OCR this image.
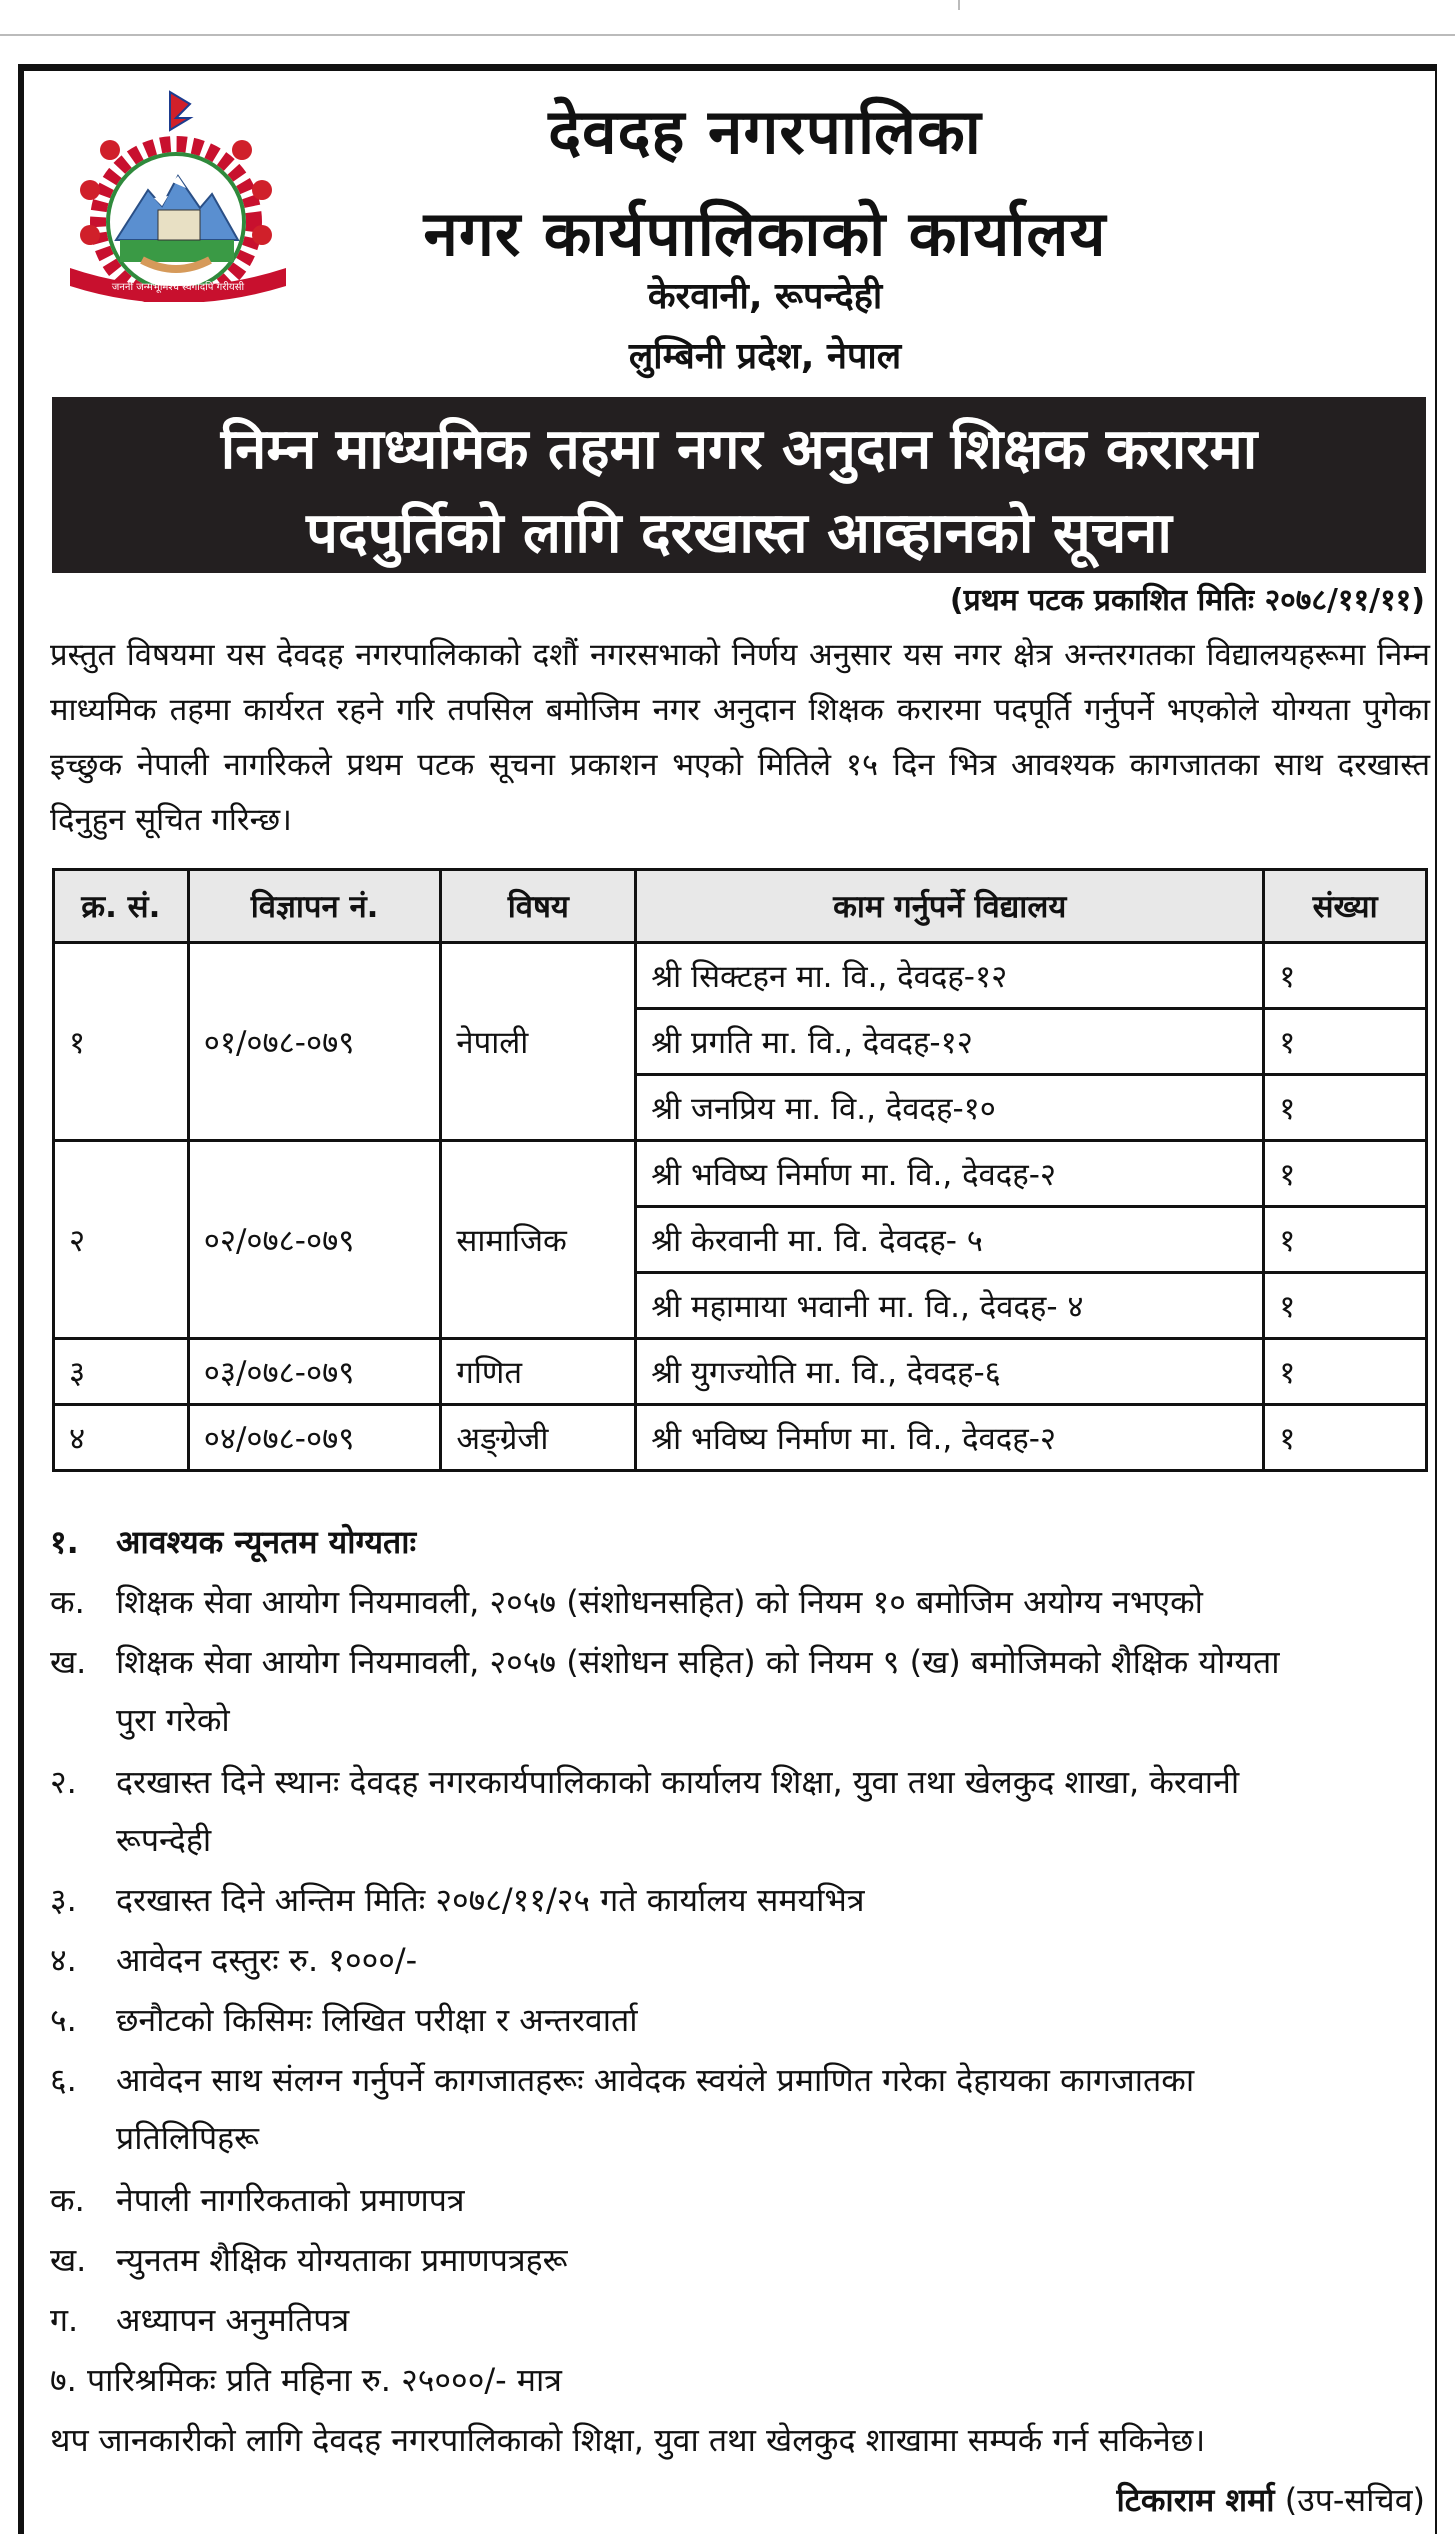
जननी जन्मभूमिश्च स्वर्गादपि गरीयसी
देवदह नगरपालिका
नगर कार्यपालिकाको कार्यालय
केरवानी, रूपन्देही
लुम्बिनी प्रदेश, नेपाल
निम्न माध्यमिक तहमा नगर अनुदान शिक्षक करारमा
पदपुर्तिको लागि दरखास्त आव्हानको सूचना
(प्रथम पटक प्रकाशित मितिः २०७८/११/११)
प्रस्तुत विषयमा यस देवदह नगरपालिकाको दशौं नगरसभाको निर्णय अनुसार यस नगर क्षेत्र अन्तरगतका विद्यालयहरूमा निम्न माध्यमिक तहमा कार्यरत रहने गरि तपसिल बमोजिम नगर अनुदान शिक्षक करारमा पदपूर्ति गर्नुपर्ने भएकोले योग्यता पुगेका इच्छुक नेपाली नागरिकले प्रथम पटक सूचना प्रकाशन भएको मितिले १५ दिन भित्र आवश्यक कागजातका साथ दरखास्त दिनुहुन सूचित गरिन्छ।
क्र. सं.	विज्ञापन नं.	विषय	काम गर्नुपर्ने विद्यालय	संख्या
१	०१/०७८-०७९	नेपाली	श्री सिक्टहन मा. वि., देवदह-१२	१
			श्री प्रगति मा. वि., देवदह-१२	१
			श्री जनप्रिय मा. वि., देवदह-१०	१
२	०२/०७८-०७९	सामाजिक	श्री भविष्य निर्माण मा. वि., देवदह-२	१
			श्री केरवानी मा. वि. देवदह- ५	१
			श्री महामाया भवानी मा. वि., देवदह- ४	१
३	०३/०७८-०७९	गणित	श्री युगज्योति मा. वि., देवदह-६	१
४	०४/०७८-०७९	अङ्ग्रेजी	श्री भविष्य निर्माण मा. वि., देवदह-२	१
१. आवश्यक न्यूनतम योग्यताः
क. शिक्षक सेवा आयोग नियमावली, २०५७ (संशोधनसहित) को नियम १० बमोजिम अयोग्य नभएको
ख. शिक्षक सेवा आयोग नियमावली, २०५७ (संशोधन सहित) को नियम ९ (ख) बमोजिमको शैक्षिक योग्यता
पुरा गरेको
२. दरखास्त दिने स्थानः देवदह नगरकार्यपालिकाको कार्यालय शिक्षा, युवा तथा खेलकुद शाखा, केरवानी
रूपन्देही
३. दरखास्त दिने अन्तिम मितिः २०७८/११/२५ गते कार्यालय समयभित्र
४. आवेदन दस्तुरः रु. १०००/-
५. छनौटको किसिमः लिखित परीक्षा र अन्तरवार्ता
६. आवेदन साथ संलग्न गर्नुपर्ने कागजातहरूः आवेदक स्वयंले प्रमाणित गरेका देहायका कागजातका
प्रतिलिपिहरू
क. नेपाली नागरिकताको प्रमाणपत्र
ख. न्युनतम शैक्षिक योग्यताका प्रमाणपत्रहरू
ग. अध्यापन अनुमतिपत्र
७. पारिश्रमिकः प्रति महिना रु. २५०००/- मात्र
थप जानकारीको लागि देवदह नगरपालिकाको शिक्षा, युवा तथा खेलकुद शाखामा सम्पर्क गर्न सकिनेछ।
टिकाराम शर्मा (उप-सचिव)
